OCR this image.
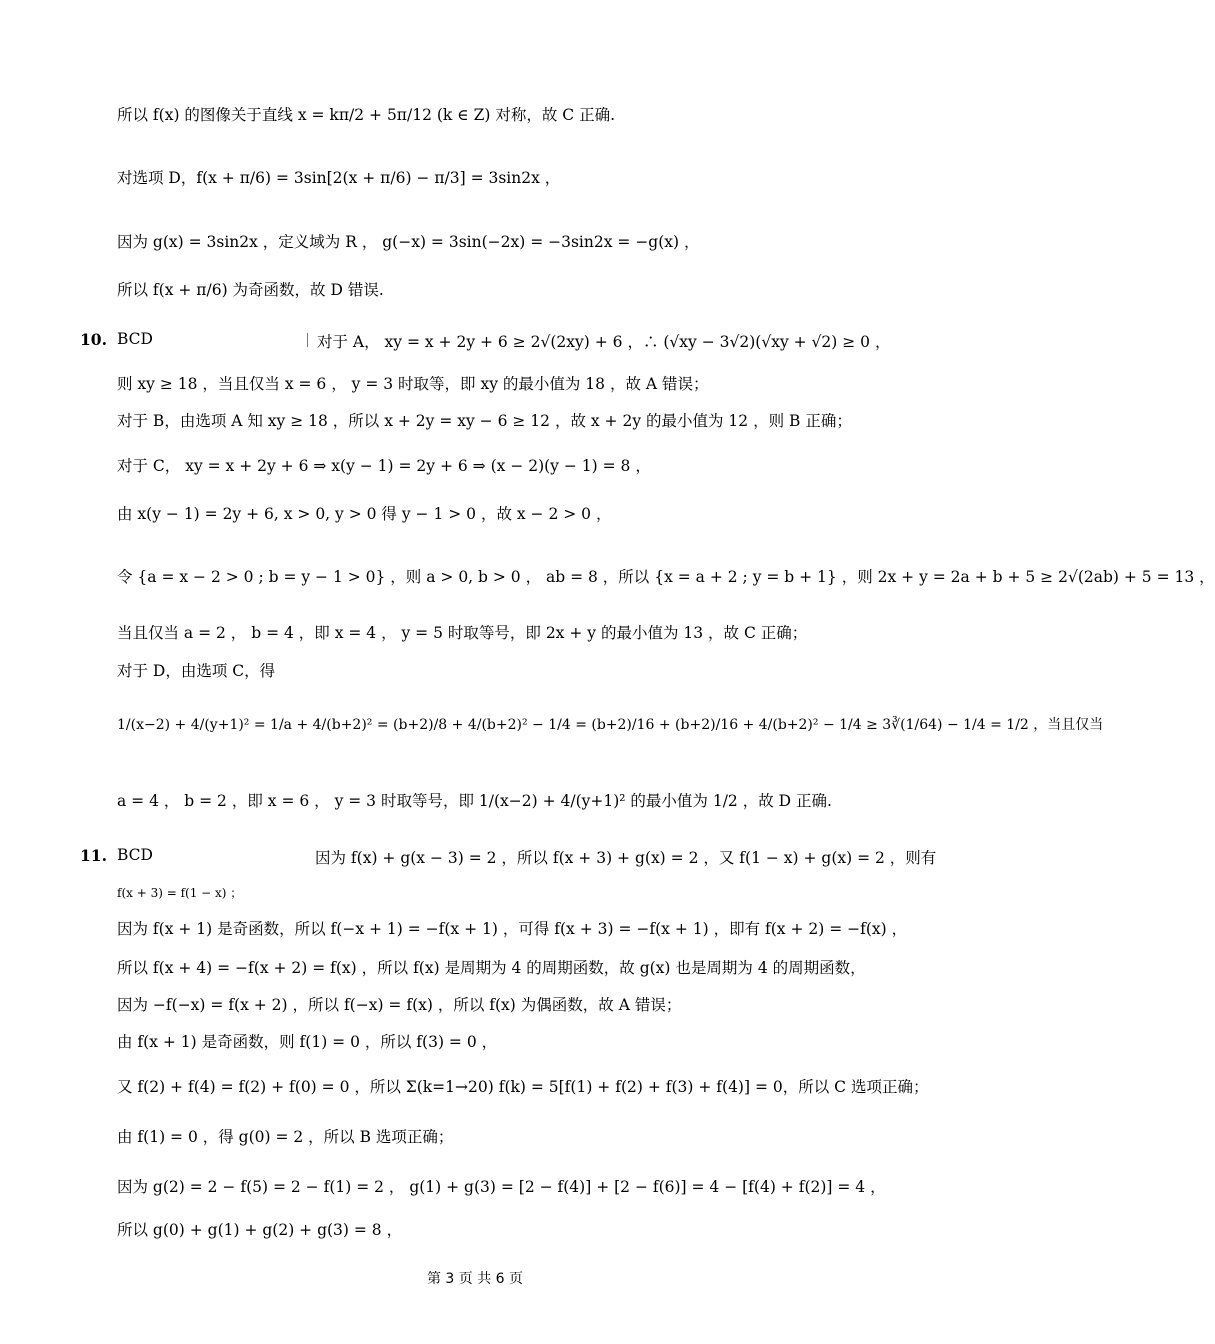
所以 f(x) 的图像关于直线 x = kπ/2 + 5π/12 (k ∈ Z) 对称，故 C 正确.
对选项 D，f(x + π/6) = 3sin[2(x + π/6) − π/3] = 3sin2x ，
因为 g(x) = 3sin2x ，定义域为 R ， g(−x) = 3sin(−2x) = −3sin2x = −g(x) ，
所以 f(x + π/6) 为奇函数，故 D 错误.
10. BCD	对于 A， xy = x + 2y + 6 ≥ 2√(2xy) + 6 ，∴ (√xy − 3√2)(√xy + √2) ≥ 0 ，
则 xy ≥ 18 ，当且仅当 x = 6 ， y = 3 时取等，即 xy 的最小值为 18 ，故 A 错误；
对于 B，由选项 A 知 xy ≥ 18 ，所以 x + 2y = xy − 6 ≥ 12 ，故 x + 2y 的最小值为 12 ，则 B 正确；
对于 C， xy = x + 2y + 6 ⇒ x(y − 1) = 2y + 6 ⇒ (x − 2)(y − 1) = 8 ，
由 x(y − 1) = 2y + 6, x > 0, y > 0 得 y − 1 > 0 ，故 x − 2 > 0 ，
令 {a = x − 2 > 0 ; b = y − 1 > 0} ，则 a > 0, b > 0 ， ab = 8 ，所以 {x = a + 2 ; y = b + 1} ，则 2x + y = 2a + b + 5 ≥ 2√(2ab) + 5 = 13 ，
当且仅当 a = 2 ， b = 4 ，即 x = 4 ， y = 5 时取等号，即 2x + y 的最小值为 13 ，故 C 正确；
对于 D，由选项 C，得
1/(x−2) + 4/(y+1)² = 1/a + 4/(b+2)² = (b+2)/8 + 4/(b+2)² − 1/4 = (b+2)/16 + (b+2)/16 + 4/(b+2)² − 1/4 ≥ 3∛(1/64) − 1/4 = 1/2 ，当且仅当
a = 4 ， b = 2 ，即 x = 6 ， y = 3 时取等号，即 1/(x−2) + 4/(y+1)² 的最小值为 1/2 ，故 D 正确.
11. BCD	因为 f(x) + g(x − 3) = 2 ，所以 f(x + 3) + g(x) = 2 ，又 f(1 − x) + g(x) = 2 ，则有
f(x + 3) = f(1 − x) ；
因为 f(x + 1) 是奇函数，所以 f(−x + 1) = −f(x + 1) ，可得 f(x + 3) = −f(x + 1) ，即有 f(x + 2) = −f(x) ，
所以 f(x + 4) = −f(x + 2) = f(x) ，所以 f(x) 是周期为 4 的周期函数，故 g(x) 也是周期为 4 的周期函数，
因为 −f(−x) = f(x + 2) ，所以 f(−x) = f(x) ，所以 f(x) 为偶函数，故 A 错误；
由 f(x + 1) 是奇函数，则 f(1) = 0 ，所以 f(3) = 0 ，
又 f(2) + f(4) = f(2) + f(0) = 0 ，所以 Σ(k=1→20) f(k) = 5[f(1) + f(2) + f(3) + f(4)] = 0，所以 C 选项正确；
由 f(1) = 0 ，得 g(0) = 2 ，所以 B 选项正确；
因为 g(2) = 2 − f(5) = 2 − f(1) = 2 ， g(1) + g(3) = [2 − f(4)] + [2 − f(6)] = 4 − [f(4) + f(2)] = 4 ，
所以 g(0) + g(1) + g(2) + g(3) = 8 ，
第 3 页 共 6 页
